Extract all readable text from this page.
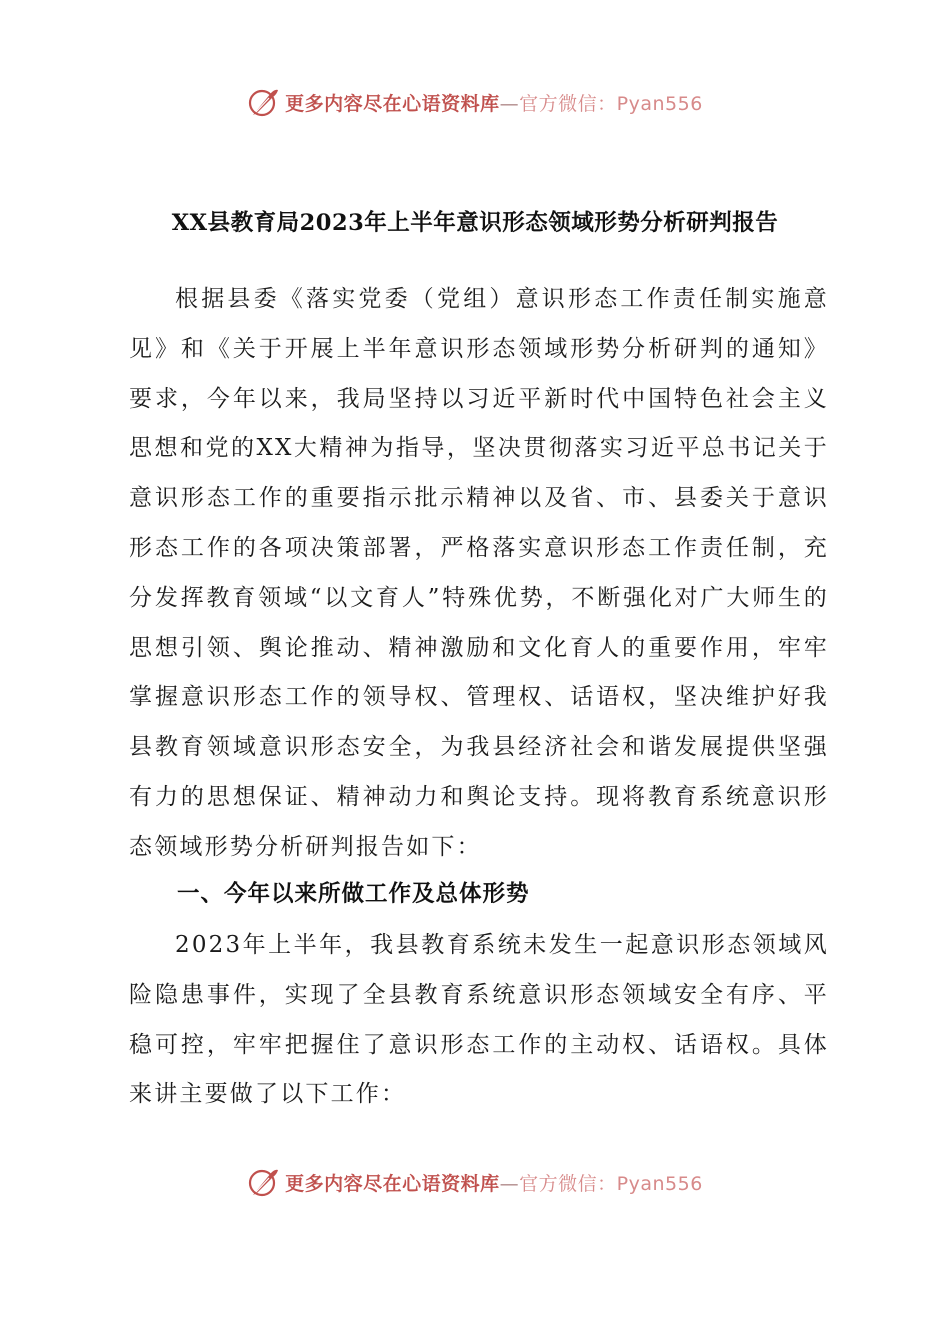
更多内容尽在心语资料库—官方微信：Pyan556
XX县教育局2023年上半年意识形态领域形势分析研判报告

根据县委《落实党委（党组）意识形态工作责任制实施意见》和《关于开展上半年意识形态领域形势分析研判的通知》要求，今年以来，我局坚持以习近平新时代中国特色社会主义思想和党的XX大精神为指导，坚决贯彻落实习近平总书记关于意识形态工作的重要指示批示精神以及省、市、县委关于意识形态工作的各项决策部署，严格落实意识形态工作责任制，充分发挥教育领域“以文育人”特殊优势，不断强化对广大师生的思想引领、舆论推动、精神激励和文化育人的重要作用，牢牢掌握意识形态工作的领导权、管理权、话语权，坚决维护好我县教育领域意识形态安全，为我县经济社会和谐发展提供坚强有力的思想保证、精神动力和舆论支持。现将教育系统意识形态领域形势分析研判报告如下：

一、今年以来所做工作及总体形势

2023年上半年，我县教育系统未发生一起意识形态领域风险隐患事件，实现了全县教育系统意识形态领域安全有序、平稳可控，牢牢把握住了意识形态工作的主动权、话语权。具体来讲主要做了以下工作：

更多内容尽在心语资料库—官方微信：Pyan556
